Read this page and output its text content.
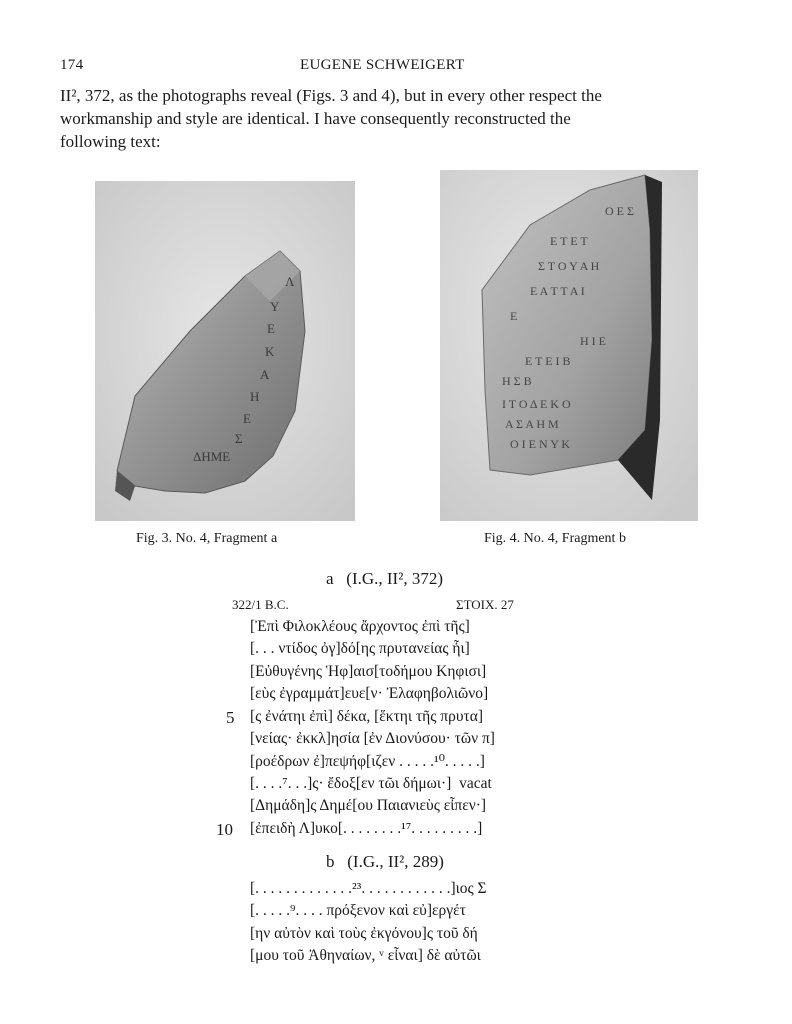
174	EUGENE SCHWEIGERT
II², 372, as the photographs reveal (Figs. 3 and 4), but in every other respect the
workmanship and style are identical. I have consequently reconstructed the
following text:
Λ
Υ
Ε
Κ
Α
Η
Ε
Σ
ΔΗΜΕ
Fig. 3. No. 4, Fragment a
Ο Ε Σ
Ε Τ Ε Τ
Σ Τ Ο Υ Α Η
Ε Α Τ Τ Α Ι
Ε
Η Ι Ε
Ε Τ Ε Ι Β
Η Σ Β
Ι Τ Ο Δ Ε Κ Ο
Α Σ Α Η Μ
Ο Ι Ε Ν Υ Κ
Fig. 4. No. 4, Fragment b
a   (I.G., II², 372)
322/1 B.C.	ΣΤΟΙΧ. 27
[Ἐπὶ Φιλοκλέους ἄρχοντος ἐπὶ τῆς]
[. . . ντίδος ὀγ]δό[ης πρυτανείας ἧι]
[Εὐθυγένης Ἡφ]αισ[τοδήμου Κηφισι]
[εὺς ἐγραμμάτ]ευε[ν· Ἐλαφηβολιῶνο]
5 [ς ἐνάτηι ἐπὶ] δέκα, [ἕκτηι τῆς πρυτα]
[νείας· ἐκκλ]ησία [ἐν Διονύσου· τῶν π]
[ροέδρων ἐ]πεψήφ[ιζεν . . . . .¹⁰. . . . .]
[. . . .⁷. . .]ς· ἔδοξ[εν τῶι δήμωι·]  vacat
[Δημάδη]ς Δημέ[ου Παιανιεὺς εἶπεν·]
10 [ἐπειδὴ Λ]υκο[. . . . . . . .¹⁷. . . . . . . . .]
b   (I.G., II², 289)
[. . . . . . . . . . . . .²³. . . . . . . . . . . .]ιος Σ
[. . . . .⁹. . . . πρόξενον καὶ εὐ]εργέτ
[ην αὐτὸν καὶ τοὺς ἐκγόνου]ς τοῦ δή
[μου τοῦ Ἀθηναίων, ᵛ εἶναι] δὲ αὐτῶι
